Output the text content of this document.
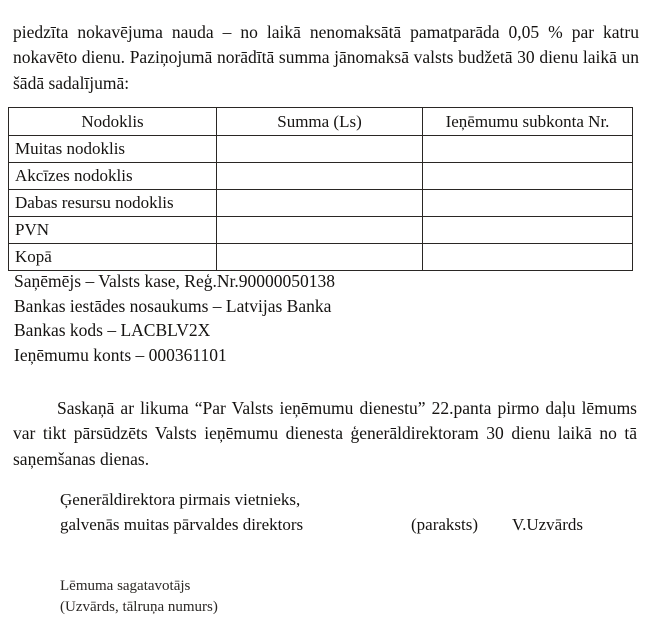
piedzīta nokavējuma nauda – no laikā nenomaksātā pamatparāda 0,05 % par katru nokavēto dienu. Paziņojumā norādītā summa jānomaksā valsts budžetā 30 dienu laikā un šādā sadalījumā:

Nodoklis	Summa (Ls)	Ieņēmumu subkonta Nr.
Muitas nodoklis		
Akcīzes nodoklis		
Dabas resursu nodoklis		
PVN		
Kopā		
Saņēmējs – Valsts kase, Reģ.Nr.90000050138
Bankas iestādes nosaukums – Latvijas Banka
Bankas kods – LACBLV2X
Ieņēmumu konts – 000361101

Saskaņā ar likuma “Par Valsts ieņēmumu dienestu” 22.panta pirmo daļu lēmums var tikt pārsūdzēts Valsts ieņēmumu dienesta ģenerāldirektoram 30 dienu laikā no tā saņemšanas dienas.

Ģenerāldirektora pirmais vietnieks,
galvenās muitas pārvaldes direktors	(paraksts) V.Uzvārds
Lēmuma sagatavotājs
(Uzvārds, tālruņa numurs)
